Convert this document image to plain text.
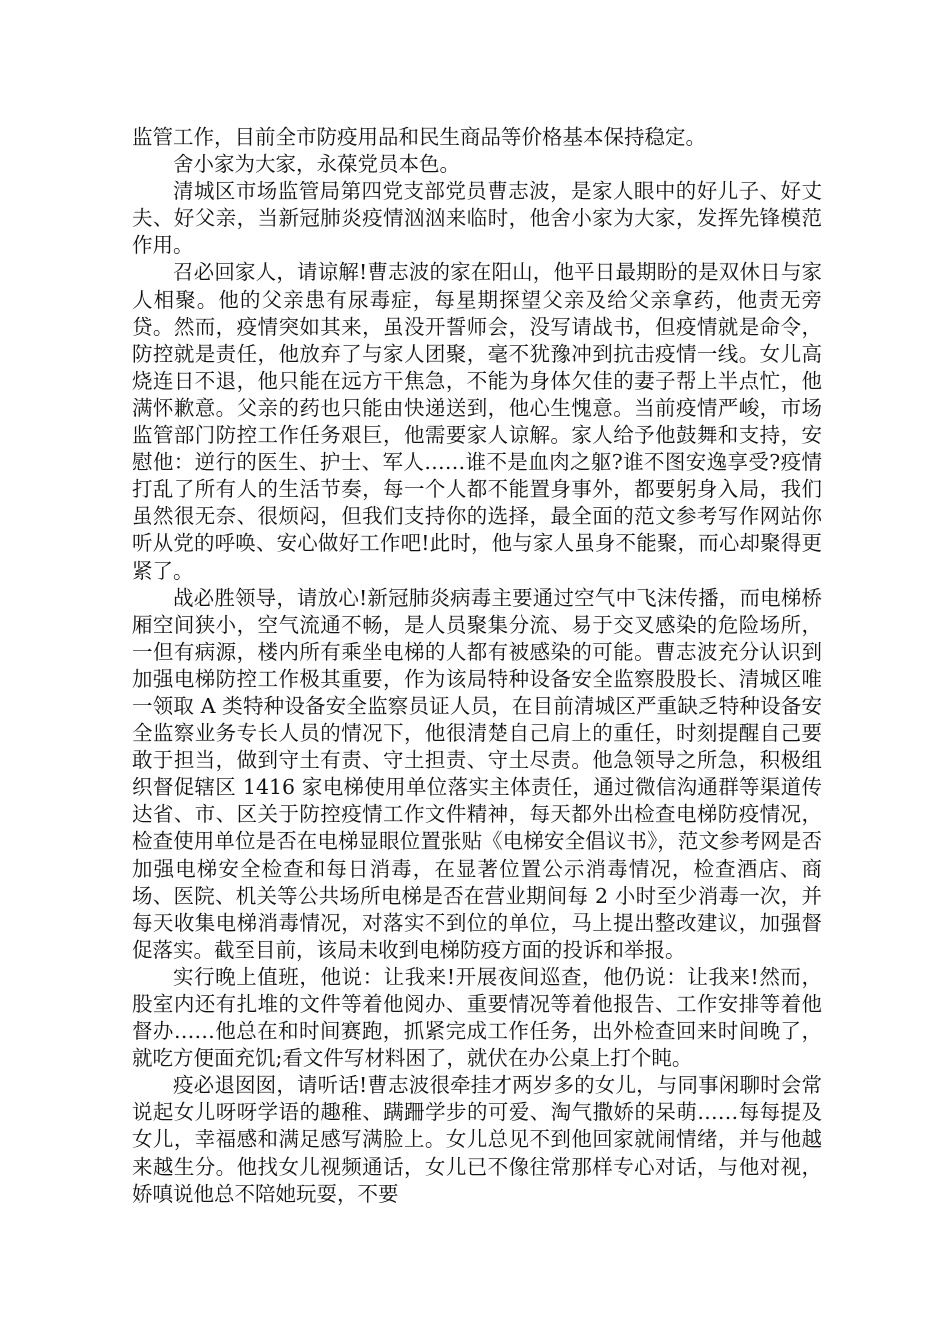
监管工作，目前全市防疫用品和民生商品等价格基本保持稳定。

舍小家为大家，永葆党员本色。

清城区市场监管局第四党支部党员曹志波，是家人眼中的好儿子、好丈夫、好父亲，当新冠肺炎疫情汹汹来临时，他舍小家为大家，发挥先锋模范作用。

召必回家人，请谅解!曹志波的家在阳山，他平日最期盼的是双休日与家人相聚。他的父亲患有尿毒症，每星期探望父亲及给父亲拿药，他责无旁贷。然而，疫情突如其来，虽没开誓师会，没写请战书，但疫情就是命令，防控就是责任，他放弃了与家人团聚，毫不犹豫冲到抗击疫情一线。女儿高烧连日不退，他只能在远方干焦急，不能为身体欠佳的妻子帮上半点忙，他满怀歉意。父亲的药也只能由快递送到，他心生愧意。当前疫情严峻，市场监管部门防控工作任务艰巨，他需要家人谅解。家人给予他鼓舞和支持，安慰他：逆行的医生、护士、军人……谁不是血肉之躯?谁不图安逸享受?疫情打乱了所有人的生活节奏，每一个人都不能置身事外，都要躬身入局，我们虽然很无奈、很烦闷，但我们支持你的选择，最全面的范文参考写作网站你听从党的呼唤、安心做好工作吧!此时，他与家人虽身不能聚，而心却聚得更紧了。

战必胜领导，请放心!新冠肺炎病毒主要通过空气中飞沫传播，而电梯桥厢空间狭小，空气流通不畅，是人员聚集分流、易于交叉感染的危险场所，一但有病源，楼内所有乘坐电梯的人都有被感染的可能。曹志波充分认识到加强电梯防控工作极其重要，作为该局特种设备安全监察股股长、清城区唯一领取 A 类特种设备安全监察员证人员，在目前清城区严重缺乏特种设备安全监察业务专长人员的情况下，他很清楚自己肩上的重任，时刻提醒自己要敢于担当，做到守土有责、守土担责、守土尽责。他急领导之所急，积极组织督促辖区 1416 家电梯使用单位落实主体责任，通过微信沟通群等渠道传达省、市、区关于防控疫情工作文件精神，每天都外出检查电梯防疫情况，检查使用单位是否在电梯显眼位置张贴《电梯安全倡议书》，范文参考网是否加强电梯安全检查和每日消毒，在显著位置公示消毒情况，检查酒店、商场、医院、机关等公共场所电梯是否在营业期间每 2 小时至少消毒一次，并每天收集电梯消毒情况，对落实不到位的单位，马上提出整改建议，加强督促落实。截至目前，该局未收到电梯防疫方面的投诉和举报。

实行晚上值班，他说：让我来!开展夜间巡查，他仍说：让我来!然而，股室内还有扎堆的文件等着他阅办、重要情况等着他报告、工作安排等着他督办……他总在和时间赛跑，抓紧完成工作任务，出外检查回来时间晚了，就吃方便面充饥;看文件写材料困了，就伏在办公桌上打个盹。

疫必退囡囡，请听话!曹志波很牵挂才两岁多的女儿，与同事闲聊时会常说起女儿呀呀学语的趣稚、蹒跚学步的可爱、淘气撒娇的呆萌……每每提及女儿，幸福感和满足感写满脸上。女儿总见不到他回家就闹情绪，并与他越来越生分。他找女儿视频通话，女儿已不像往常那样专心对话，与他对视，娇嗔说他总不陪她玩耍，不要
